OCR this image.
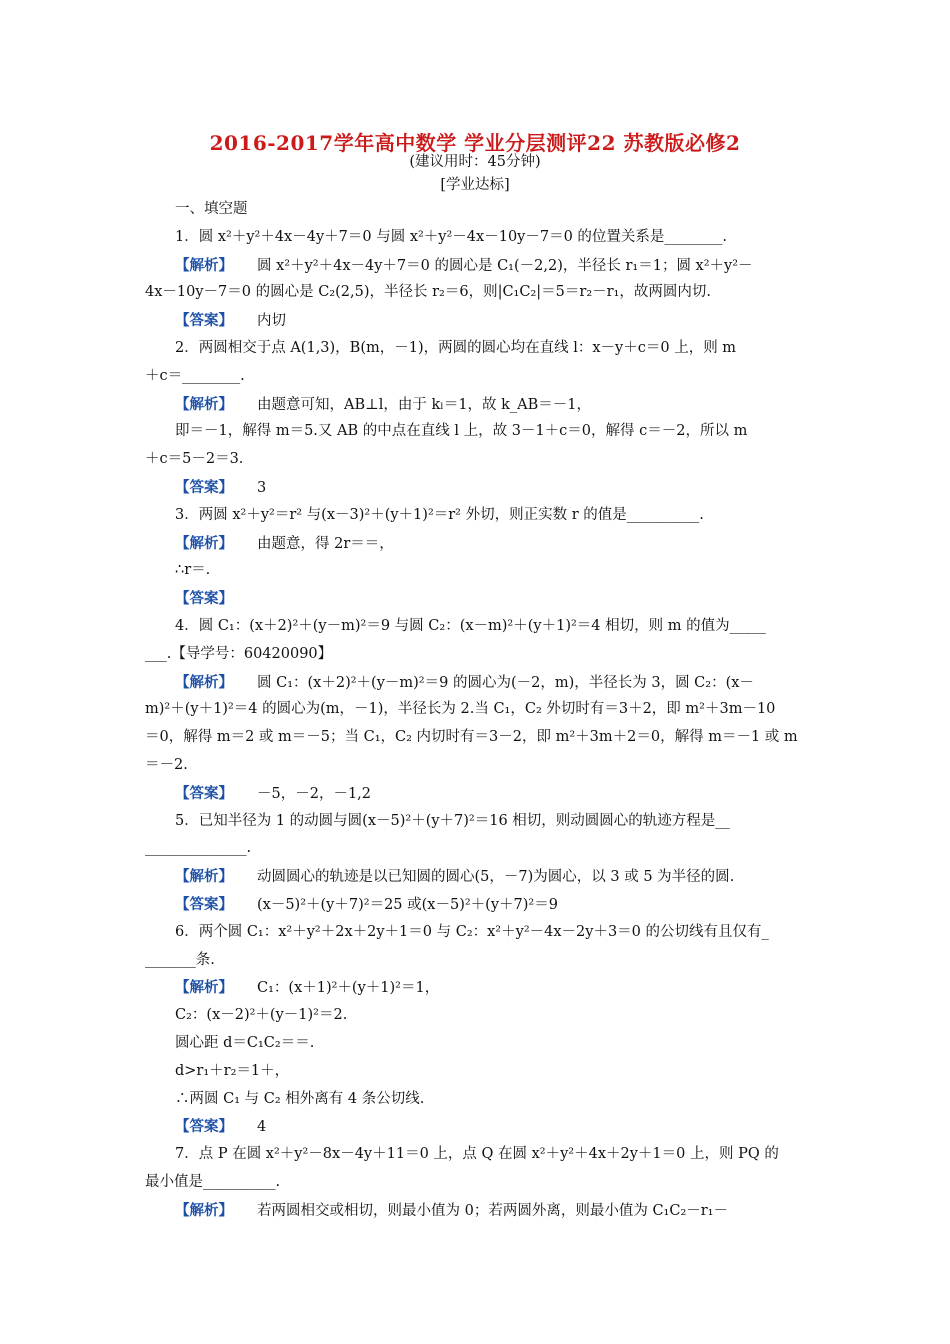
2016-2017学年高中数学 学业分层测评22 苏教版必修2
(建议用时：45分钟)
[学业达标]
一、填空题
1．圆 x²＋y²＋4x－4y＋7＝0 与圆 x²＋y²－4x－10y－7＝0 的位置关系是________.
【解析】 圆 x²＋y²＋4x－4y＋7＝0 的圆心是 C₁(－2,2)，半径长 r₁＝1；圆 x²＋y²－
4x－10y－7＝0 的圆心是 C₂(2,5)，半径长 r₂＝6，则|C₁C₂|＝5＝r₂－r₁，故两圆内切.
【答案】 内切
2．两圆相交于点 A(1,3)，B(m，－1)，两圆的圆心均在直线 l：x－y＋c＝0 上，则 m
＋c＝________.
【解析】 由题意可知，AB⊥l，由于 kₗ＝1，故 k_AB＝－1，
即＝－1，解得 m＝5.又 AB 的中点在直线 l 上，故 3－1＋c＝0，解得 c＝－2，所以 m
＋c＝5－2＝3.
【答案】 3
3．两圆 x²＋y²＝r² 与(x－3)²＋(y＋1)²＝r² 外切，则正实数 r 的值是__________.
【解析】 由题意，得 2r＝＝，
∴r＝.
【答案】
4．圆 C₁：(x＋2)²＋(y－m)²＝9 与圆 C₂：(x－m)²＋(y＋1)²＝4 相切，则 m 的值为_____
___.【导学号：60420090】
【解析】 圆 C₁：(x＋2)²＋(y－m)²＝9 的圆心为(－2，m)，半径长为 3，圆 C₂：(x－
m)²＋(y＋1)²＝4 的圆心为(m，－1)，半径长为 2.当 C₁，C₂ 外切时有＝3＋2，即 m²＋3m－10
＝0，解得 m＝2 或 m＝－5；当 C₁，C₂ 内切时有＝3－2，即 m²＋3m＋2＝0，解得 m＝－1 或 m
＝－2.
【答案】 －5，－2，－1,2
5．已知半径为 1 的动圆与圆(x－5)²＋(y＋7)²＝16 相切，则动圆圆心的轨迹方程是__
______________.
【解析】 动圆圆心的轨迹是以已知圆的圆心(5，－7)为圆心，以 3 或 5 为半径的圆.
【答案】 (x－5)²＋(y＋7)²＝25 或(x－5)²＋(y＋7)²＝9
6．两个圆 C₁：x²＋y²＋2x＋2y＋1＝0 与 C₂：x²＋y²－4x－2y＋3＝0 的公切线有且仅有_
_______条.
【解析】 C₁：(x＋1)²＋(y＋1)²＝1，
C₂：(x－2)²＋(y－1)²＝2.
圆心距 d＝C₁C₂＝＝.
d>r₁＋r₂＝1＋，
∴两圆 C₁ 与 C₂ 相外离有 4 条公切线.
【答案】 4
7．点 P 在圆 x²＋y²－8x－4y＋11＝0 上，点 Q 在圆 x²＋y²＋4x＋2y＋1＝0 上，则 PQ 的
最小值是__________.
【解析】 若两圆相交或相切，则最小值为 0；若两圆外离，则最小值为 C₁C₂－r₁－
